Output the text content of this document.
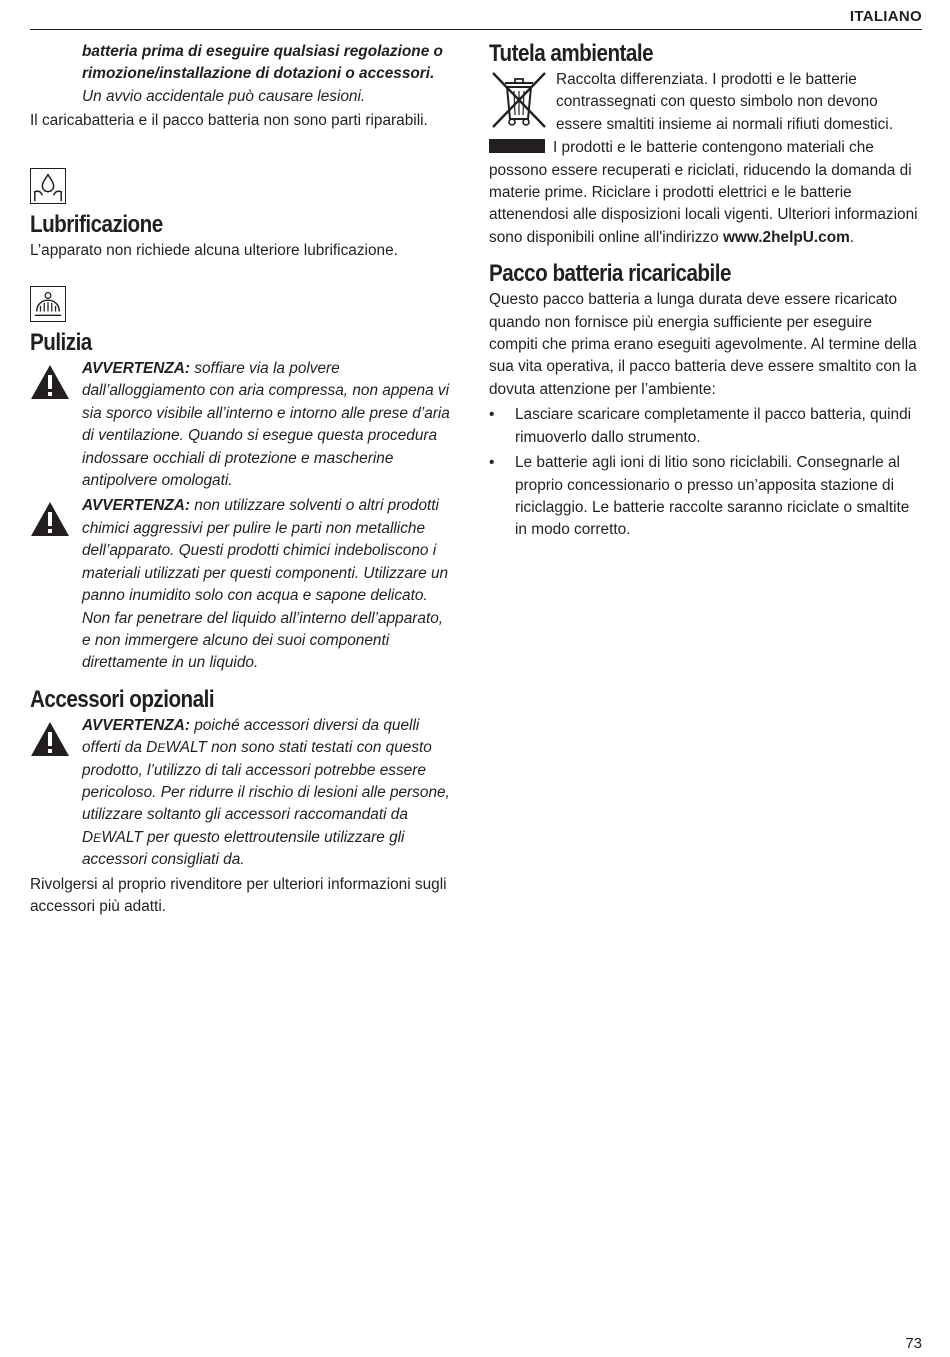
ITALIANO

batteria prima di eseguire qualsiasi regolazione o rimozione/installazione di dotazioni o accessori. Un avvio accidentale può causare lesioni.

Il caricabatteria e il pacco batteria non sono parti riparabili.

Lubrificazione

L’apparato non richiede alcuna ulteriore lubrificazione.

Pulizia

AVVERTENZA: soffiare via la polvere dall’alloggiamento con aria compressa, non appena vi sia sporco visibile all’interno e intorno alle prese d’aria di ventilazione. Quando si esegue questa procedura indossare occhiali di protezione e mascherine antipolvere omologati.

AVVERTENZA: non utilizzare solventi o altri prodotti chimici aggressivi per pulire le parti non metalliche dell’apparato. Questi prodotti chimici indeboliscono i materiali utilizzati per questi componenti. Utilizzare un panno inumidito solo con acqua e sapone delicato. Non far penetrare del liquido all’interno dell’apparato, e non immergere alcuno dei suoi componenti direttamente in un liquido.

Accessori opzionali

AVVERTENZA: poiché accessori diversi da quelli offerti da DEWALT non sono stati testati con questo prodotto, l’utilizzo di tali accessori potrebbe essere pericoloso. Per ridurre il rischio di lesioni alle persone, utilizzare soltanto gli accessori raccomandati da DEWALT per questo elettroutensile utilizzare gli accessori consigliati da.

Rivolgersi al proprio rivenditore per ulteriori informazioni sugli accessori più adatti.

Tutela ambientale

Raccolta differenziata. I prodotti e le batterie contrassegnati con questo simbolo non devono essere smaltiti insieme ai normali rifiuti domestici.

I prodotti e le batterie contengono materiali che possono essere recuperati e riciclati, riducendo la domanda di materie prime. Riciclare i prodotti elettrici e le batterie attenendosi alle disposizioni locali vigenti. Ulteriori informazioni sono disponibili online all'indirizzo www.2helpU.com.

Pacco batteria ricaricabile

Questo pacco batteria a lunga durata deve essere ricaricato quando non fornisce più energia sufficiente per eseguire compiti che prima erano eseguiti agevolmente. Al termine della sua vita operativa, il pacco batteria deve essere smaltito con la dovuta attenzione per l’ambiente:

• Lasciare scaricare completamente il pacco batteria, quindi rimuoverlo dallo strumento.
• Le batterie agli ioni di litio sono riciclabili. Consegnarle al proprio concessionario o presso un’apposita stazione di riciclaggio. Le batterie raccolte saranno riciclate o smaltite in modo corretto.
73
